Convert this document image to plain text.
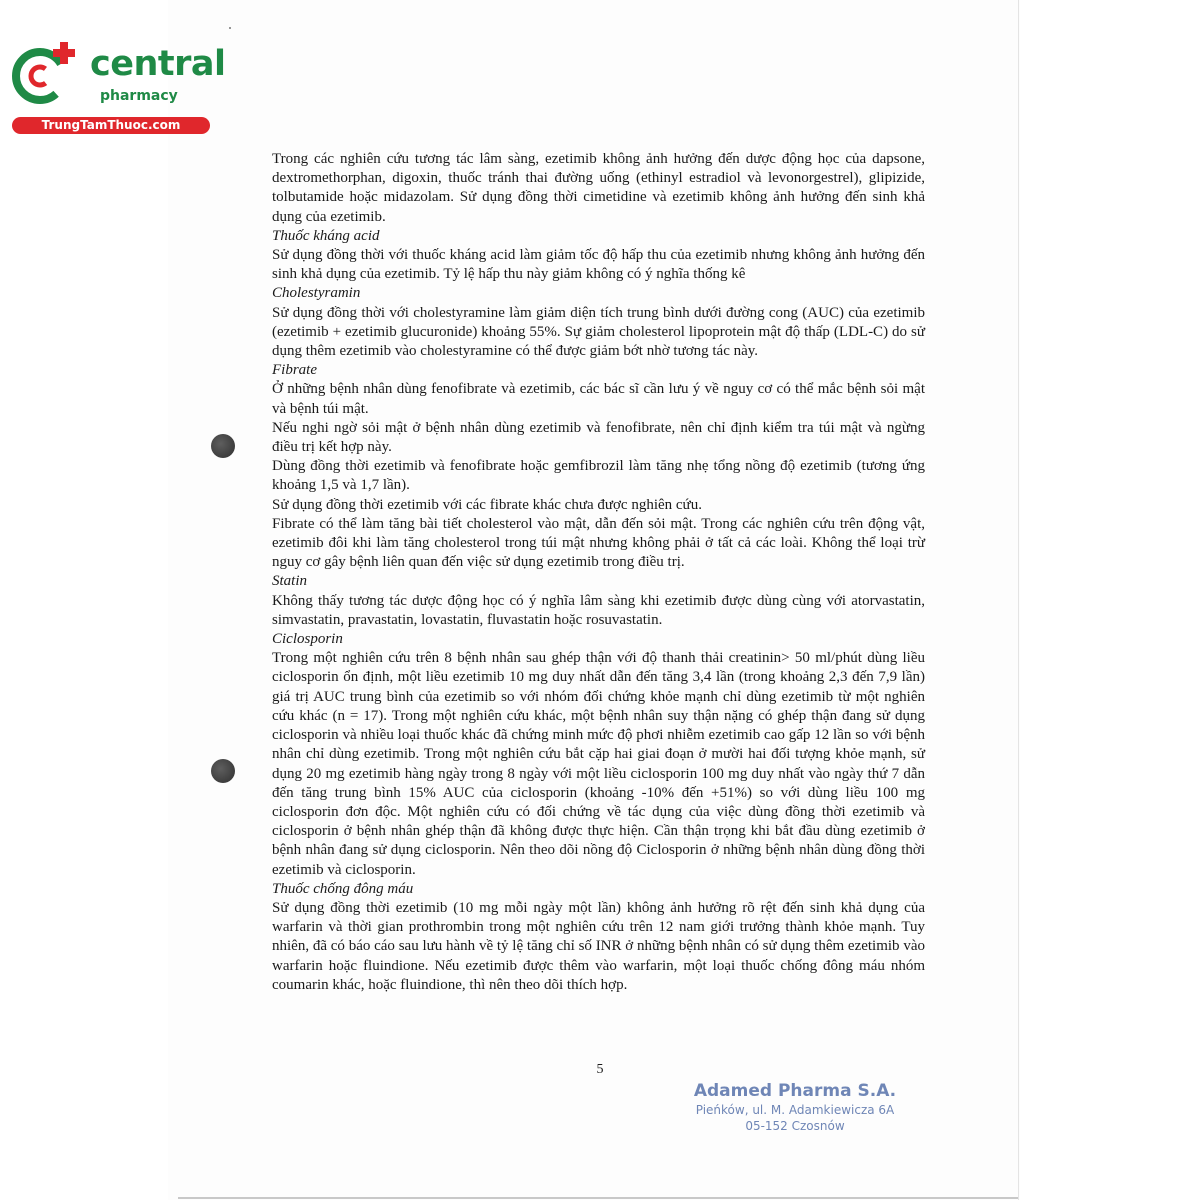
central
pharmacy
TrungTamThuoc.com

Trong các nghiên cứu tương tác lâm sàng, ezetimib không ảnh hưởng đến dược động học của dapsone, dextromethorphan, digoxin, thuốc tránh thai đường uống (ethinyl estradiol và levonorgestrel), glipizide, tolbutamide hoặc midazolam. Sử dụng đồng thời cimetidine và ezetimib không ảnh hưởng đến sinh khả dụng của ezetimib.

Thuốc kháng acid

Sử dụng đồng thời với thuốc kháng acid làm giảm tốc độ hấp thu của ezetimib nhưng không ảnh hưởng đến sinh khả dụng của ezetimib. Tỷ lệ hấp thu này giảm không có ý nghĩa thống kê

Cholestyramin

Sử dụng đồng thời với cholestyramine làm giảm diện tích trung bình dưới đường cong (AUC) của ezetimib (ezetimib + ezetimib glucuronide) khoảng 55%. Sự giảm cholesterol lipoprotein mật độ thấp (LDL-C) do sử dụng thêm ezetimib vào cholestyramine có thể được giảm bớt nhờ tương tác này.

Fibrate

Ở những bệnh nhân dùng fenofibrate và ezetimib, các bác sĩ cần lưu ý về nguy cơ có thể mắc bệnh sỏi mật và bệnh túi mật.

Nếu nghi ngờ sỏi mật ở bệnh nhân dùng ezetimib và fenofibrate, nên chỉ định kiểm tra túi mật và ngừng điều trị kết hợp này.

Dùng đồng thời ezetimib và fenofibrate hoặc gemfibrozil làm tăng nhẹ tổng nồng độ ezetimib (tương ứng khoảng 1,5 và 1,7 lần).

Sử dụng đồng thời ezetimib với các fibrate khác chưa được nghiên cứu.

Fibrate có thể làm tăng bài tiết cholesterol vào mật, dẫn đến sỏi mật. Trong các nghiên cứu trên động vật, ezetimib đôi khi làm tăng cholesterol trong túi mật nhưng không phải ở tất cả các loài. Không thể loại trừ nguy cơ gây bệnh liên quan đến việc sử dụng ezetimib trong điều trị.

Statin

Không thấy tương tác dược động học có ý nghĩa lâm sàng khi ezetimib được dùng cùng với atorvastatin, simvastatin, pravastatin, lovastatin, fluvastatin hoặc rosuvastatin.

Ciclosporin

Trong một nghiên cứu trên 8 bệnh nhân sau ghép thận với độ thanh thải creatinin> 50 ml/phút dùng liều ciclosporin ổn định, một liều ezetimib 10 mg duy nhất dẫn đến tăng 3,4 lần (trong khoảng 2,3 đến 7,9 lần) giá trị AUC trung bình của ezetimib so với nhóm đối chứng khỏe mạnh chỉ dùng ezetimib từ một nghiên cứu khác (n = 17). Trong một nghiên cứu khác, một bệnh nhân suy thận nặng có ghép thận đang sử dụng ciclosporin và nhiều loại thuốc khác đã chứng minh mức độ phơi nhiễm ezetimib cao gấp 12 lần so với bệnh nhân chỉ dùng ezetimib. Trong một nghiên cứu bắt cặp hai giai đoạn ở mười hai đối tượng khỏe mạnh, sử dụng 20 mg ezetimib hàng ngày trong 8 ngày với một liều ciclosporin 100 mg duy nhất vào ngày thứ 7 dẫn đến tăng trung bình 15% AUC của ciclosporin (khoảng -10% đến +51%) so với dùng liều 100 mg ciclosporin đơn độc. Một nghiên cứu có đối chứng về tác dụng của việc dùng đồng thời ezetimib và ciclosporin ở bệnh nhân ghép thận đã không được thực hiện. Cần thận trọng khi bắt đầu dùng ezetimib ở bệnh nhân đang sử dụng ciclosporin. Nên theo dõi nồng độ Ciclosporin ở những bệnh nhân dùng đồng thời ezetimib và ciclosporin.

Thuốc chống đông máu

Sử dụng đồng thời ezetimib (10 mg mỗi ngày một lần) không ảnh hưởng rõ rệt đến sinh khả dụng của warfarin và thời gian prothrombin trong một nghiên cứu trên 12 nam giới trưởng thành khỏe mạnh. Tuy nhiên, đã có báo cáo sau lưu hành về tỷ lệ tăng chỉ số INR ở những bệnh nhân có sử dụng thêm ezetimib vào warfarin hoặc fluindione. Nếu ezetimib được thêm vào warfarin, một loại thuốc chống đông máu nhóm coumarin khác, hoặc fluindione, thì nên theo dõi thích hợp.

5
Adamed Pharma S.A.
Pieńków, ul. M. Adamkiewicza 6A
05-152 Czosnów
